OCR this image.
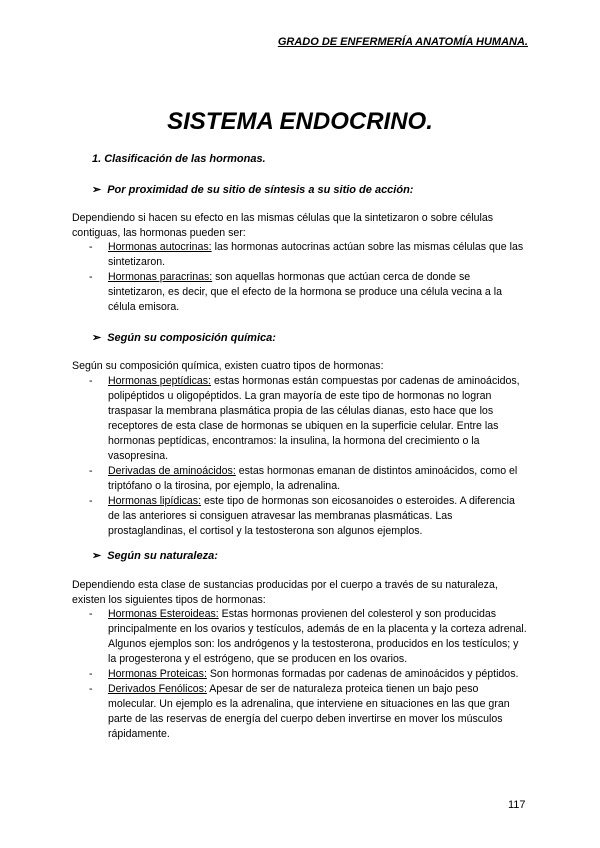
GRADO DE ENFERMERÍA ANATOMÍA HUMANA.
SISTEMA ENDOCRINO.
1. Clasificación de las hormonas.
➢ Por proximidad de su sitio de síntesis a su sitio de acción:
Dependiendo si hacen su efecto en las mismas células que la sintetizaron o sobre células contiguas, las hormonas pueden ser:
- Hormonas autocrinas: las hormonas autocrinas actúan sobre las mismas células que las sintetizaron.
- Hormonas paracrinas: son aquellas hormonas que actúan cerca de donde se sintetizaron, es decir, que el efecto de la hormona se produce una célula vecina a la célula emisora.
➢ Según su composición química:
Según su composición química, existen cuatro tipos de hormonas:
- Hormonas peptídicas: estas hormonas están compuestas por cadenas de aminoácidos, polipéptidos u oligopéptidos. La gran mayoría de este tipo de hormonas no logran traspasar la membrana plasmática propia de las células dianas, esto hace que los receptores de esta clase de hormonas se ubiquen en la superficie celular. Entre las hormonas peptídicas, encontramos: la insulina, la hormona del crecimiento o la vasopresina.
- Derivadas de aminoácidos: estas hormonas emanan de distintos aminoácidos, como el triptófano o la tirosina, por ejemplo, la adrenalina.
- Hormonas lipídicas: este tipo de hormonas son eicosanoides o esteroides. A diferencia de las anteriores si consiguen atravesar las membranas plasmáticas. Las prostaglandinas, el cortisol y la testosterona son algunos ejemplos.
➢ Según su naturaleza:
Dependiendo esta clase de sustancias producidas por el cuerpo a través de su naturaleza, existen los siguientes tipos de hormonas:
- Hormonas Esteroideas: Estas hormonas provienen del colesterol y son producidas principalmente en los ovarios y testículos, además de en la placenta y la corteza adrenal. Algunos ejemplos son: los andrógenos y la testosterona, producidos en los testículos; y la progesterona y el estrógeno, que se producen en los ovarios.
- Hormonas Proteicas: Son hormonas formadas por cadenas de aminoácidos y péptidos.
- Derivados Fenólicos: Apesar de ser de naturaleza proteica tienen un bajo peso molecular. Un ejemplo es la adrenalina, que interviene en situaciones en las que gran parte de las reservas de energía del cuerpo deben invertirse en mover los músculos rápidamente.
117
